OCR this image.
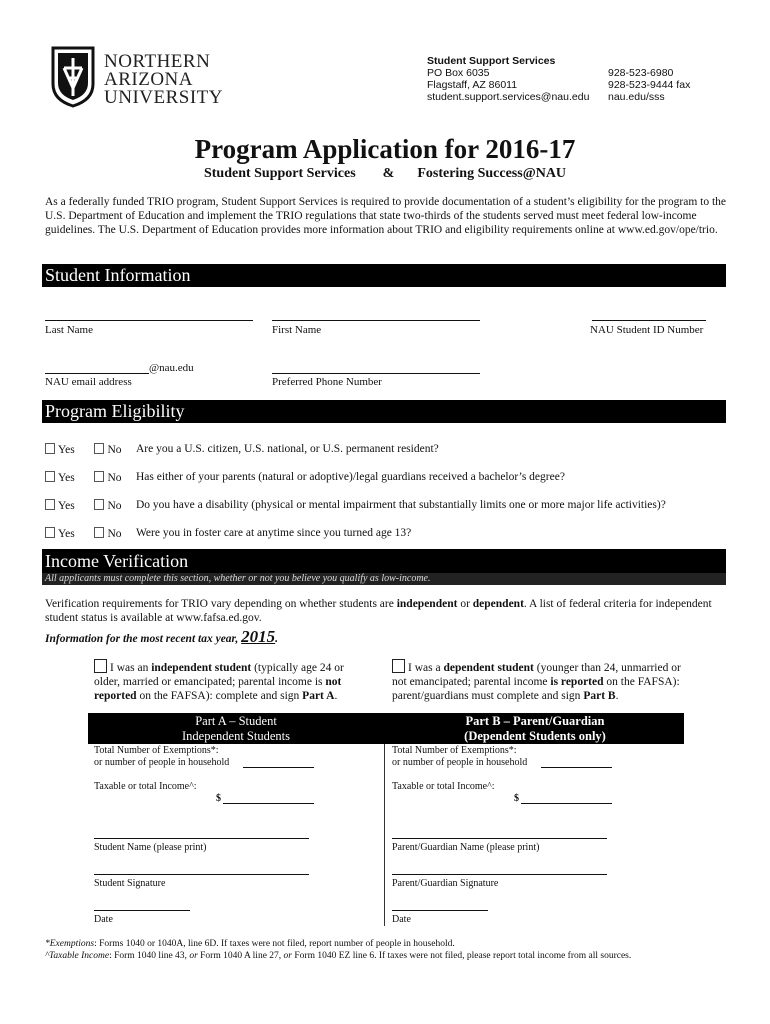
NORTHERN
ARIZONA
UNIVERSITY
Student Support Services
PO Box 6035
Flagstaff, AZ 86011
student.support.services@nau.edu
928-523-6980
928-523-9444 fax
nau.edu/sss
Program Application for 2016-17
Student Support Services & Fostering Success@NAU
As a federally funded TRIO program, Student Support Services is required to provide documentation of a student’s eligibility for the program to the U.S. Department of Education and implement the TRIO regulations that state two-thirds of the students served must meet federal low-income guidelines. The U.S. Department of Education provides more information about TRIO and eligibility requirements online at www.ed.gov/ope/trio.
Student Information
Last Name	First Name	NAU Student ID Number
@nau.edu
NAU email address	Preferred Phone Number
Program Eligibility
Yes	No Are you a U.S. citizen, U.S. national, or U.S. permanent resident?
Yes	No Has either of your parents (natural or adoptive)/legal guardians received a bachelor’s degree?
Yes	No Do you have a disability (physical or mental impairment that substantially limits one or more major life activities)?
Yes	No Were you in foster care at anytime since you turned age 13?
Income Verification
All applicants must complete this section, whether or not you believe you qualify as low-income.
Verification requirements for TRIO vary depending on whether students are independent or dependent. A list of federal criteria for independent student status is available at www.fafsa.ed.gov.
Information for the most recent tax year, 2015.
I was an independent student (typically age 24 or older, married or emancipated; parental income is not reported on the FAFSA): complete and sign Part A.
I was a dependent student (younger than 24, unmarried or not emancipated; parental income is reported on the FAFSA): parent/guardians must complete and sign Part B.
Part A – Student
Independent Students
Part B – Parent/Guardian
(Dependent Students only)
Total Number of Exemptions*:
or number of people in household
Taxable or total Income^:
$
Student Name (please print)
Student Signature
Date
Total Number of Exemptions*:
or number of people in household
Taxable or total Income^:
$
Parent/Guardian Name (please print)
Parent/Guardian Signature
Date
*Exemptions: Forms 1040 or 1040A, line 6D. If taxes were not filed, report number of people in household.
^Taxable Income: Form 1040 line 43, or Form 1040 A line 27, or Form 1040 EZ line 6. If taxes were not filed, please report total income from all sources.
